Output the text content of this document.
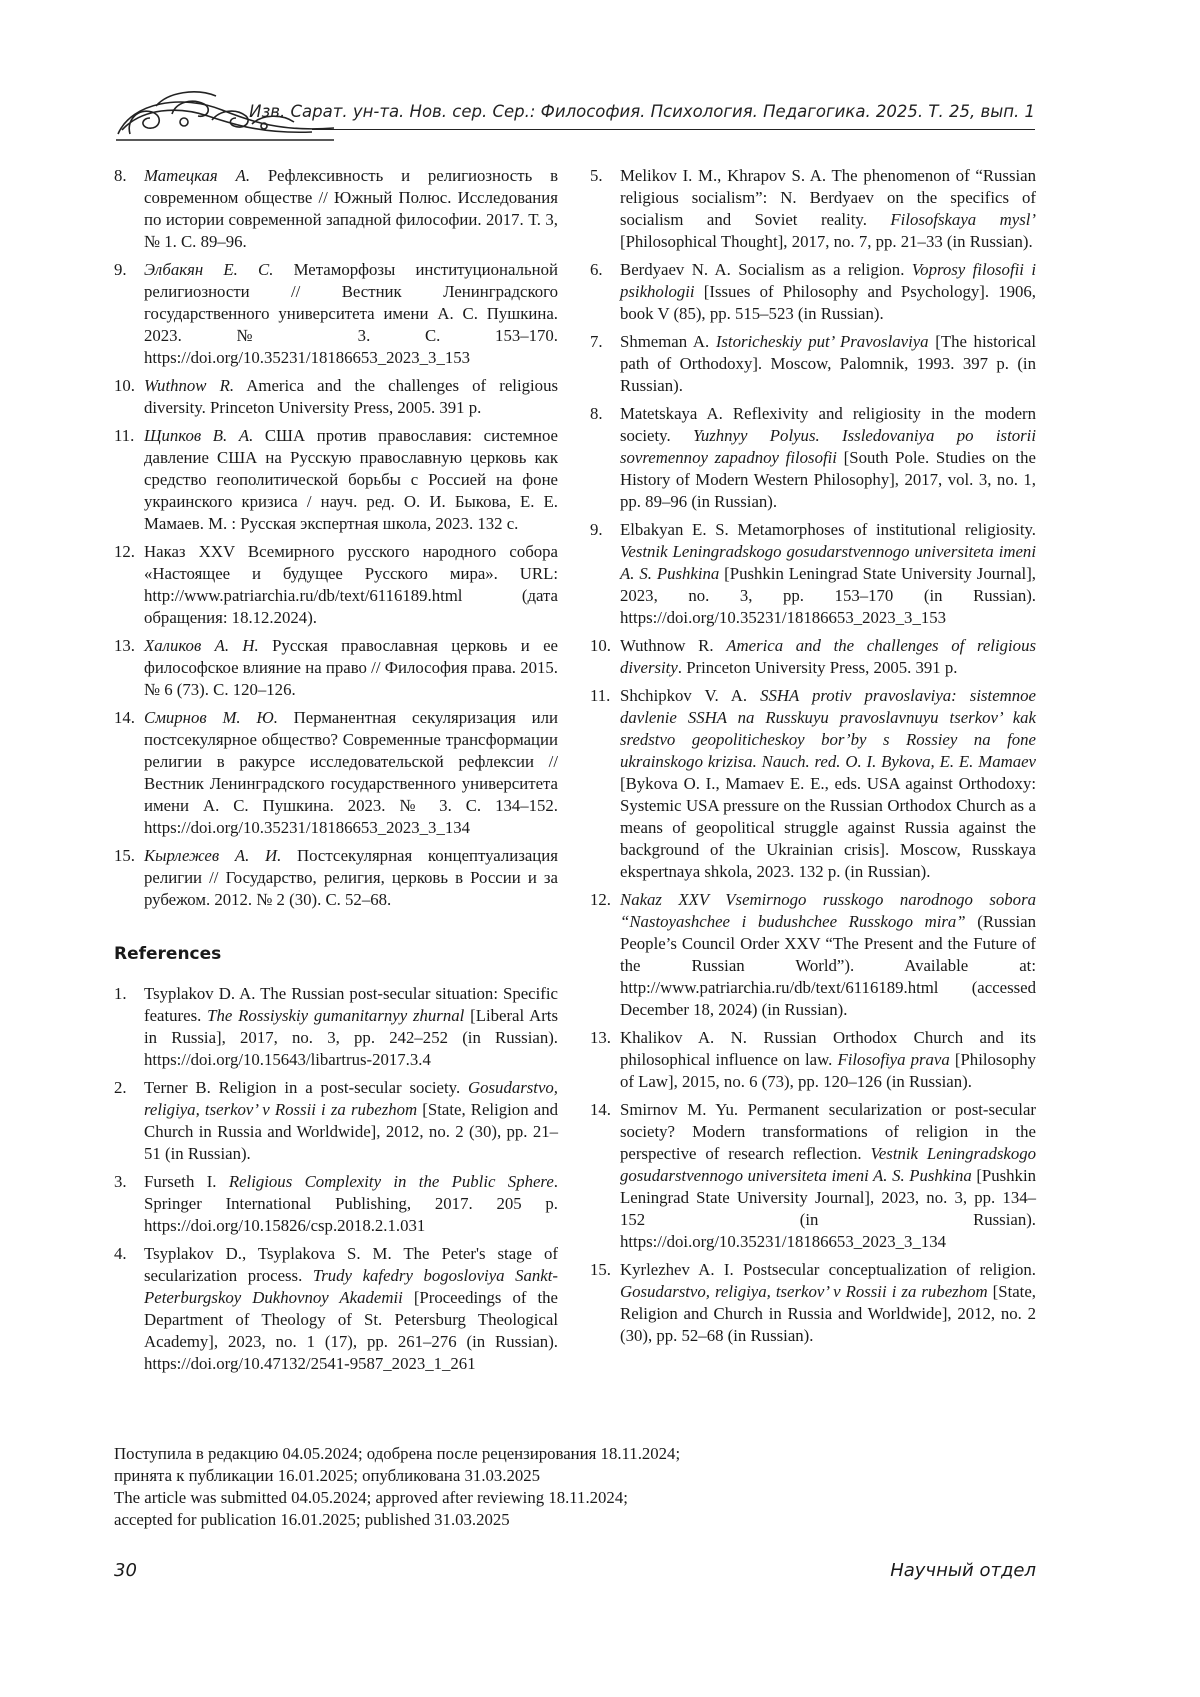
Изв. Сарат. ун-та. Нов. сер. Сер.: Философия. Психология. Педагогика. 2025. Т. 25, вып. 1
8. Матецкая А. Рефлексивность и религиозность в современном обществе // Южный Полюс. Исследования по истории современной западной философии. 2017. Т. 3, № 1. С. 89–96.
9. Элбакян Е. С. Метаморфозы институциональной религиозности // Вестник Ленинградского государственного университета имени А. С. Пушкина. 2023. № 3. С. 153–170. https://doi.org/10.35231/18186653_2023_3_153
10. Wuthnow R. America and the challenges of religious diversity. Princeton University Press, 2005. 391 p.
11. Щипков В. А. США против православия: системное давление США на Русскую православную церковь как средство геополитической борьбы с Россией на фоне украинского кризиса / науч. ред. О. И. Быкова, Е. Е. Мамаев. М. : Русская экспертная школа, 2023. 132 с.
12. Наказ XXV Всемирного русского народного собора «Настоящее и будущее Русского мира». URL: http://www.patriarchia.ru/db/text/6116189.html (дата обращения: 18.12.2024).
13. Халиков А. Н. Русская православная церковь и ее философское влияние на право // Философия права. 2015. № 6 (73). С. 120–126.
14. Смирнов М. Ю. Перманентная секуляризация или постсекулярное общество? Современные трансформации религии в ракурсе исследовательской рефлексии // Вестник Ленинградского государственного университета имени А. С. Пушкина. 2023. № 3. С. 134–152. https://doi.org/10.35231/18186653_2023_3_134
15. Кырлежев А. И. Постсекулярная концептуализация религии // Государство, религия, церковь в России и за рубежом. 2012. № 2 (30). С. 52–68.
References
1. Tsyplakov D. A. The Russian post-secular situation: Specific features. The Rossiyskiy gumanitarnyy zhurnal [Liberal Arts in Russia], 2017, no. 3, pp. 242–252 (in Russian). https://doi.org/10.15643/libartrus-2017.3.4
2. Terner B. Religion in a post-secular society. Gosudarstvo, religiya, tserkov’ v Rossii i za rubezhom [State, Religion and Church in Russia and Worldwide], 2012, no. 2 (30), pp. 21–51 (in Russian).
3. Furseth I. Religious Complexity in the Public Sphere. Springer International Publishing, 2017. 205 p. https://doi.org/10.15826/csp.2018.2.1.031
4. Tsyplakov D., Tsyplakova S. M. The Peter's stage of secularization process. Trudy kafedry bogosloviya Sankt-Peterburgskoy Dukhovnoy Akademii [Proceedings of the Department of Theology of St. Petersburg Theological Academy], 2023, no. 1 (17), pp. 261–276 (in Russian). https://doi.org/10.47132/2541-9587_2023_1_261
5. Melikov I. M., Khrapov S. A. The phenomenon of “Russian religious socialism”: N. Berdyaev on the specifics of socialism and Soviet reality. Filosofskaya mysl’ [Philosophical Thought], 2017, no. 7, pp. 21–33 (in Russian).
6. Berdyaev N. A. Socialism as a religion. Voprosy filosofii i psikhologii [Issues of Philosophy and Psychology]. 1906, book V (85), pp. 515–523 (in Russian).
7. Shmeman A. Istoricheskiy put’ Pravoslaviya [The historical path of Orthodoxy]. Moscow, Palomnik, 1993. 397 p. (in Russian).
8. Matetskaya A. Reflexivity and religiosity in the modern society. Yuzhnyy Polyus. Issledovaniya po istorii sovremennoy zapadnoy filosofii [South Pole. Studies on the History of Modern Western Philosophy], 2017, vol. 3, no. 1, pp. 89–96 (in Russian).
9. Elbakyan E. S. Metamorphoses of institutional religiosity. Vestnik Leningradskogo gosudarstvennogo universiteta imeni A. S. Pushkina [Pushkin Leningrad State University Journal], 2023, no. 3, pp. 153–170 (in Russian). https://doi.org/10.35231/18186653_2023_3_153
10. Wuthnow R. America and the challenges of religious diversity. Princeton University Press, 2005. 391 p.
11. Shchipkov V. A. SSHA protiv pravoslaviya: sistemnoe davlenie SSHA na Russkuyu pravoslavnuyu tserkov’ kak sredstvo geopoliticheskoy bor’by s Rossiey na fone ukrainskogo krizisa. Nauch. red. O. I. Bykova, E. E. Mamaev [Bykova O. I., Mamaev E. E., eds. USA against Orthodoxy: Systemic USA pressure on the Russian Orthodox Church as a means of geopolitical struggle against Russia against the background of the Ukrainian crisis]. Moscow, Russkaya ekspertnaya shkola, 2023. 132 p. (in Russian).
12. Nakaz XXV Vsemirnogo russkogo narodnogo sobora “Nastoyashchee i budushchee Russkogo mira” (Russian People’s Council Order XXV “The Present and the Future of the Russian World”). Available at: http://www.patriarchia.ru/db/text/6116189.html (accessed December 18, 2024) (in Russian).
13. Khalikov A. N. Russian Orthodox Church and its philosophical influence on law. Filosofiya prava [Philosophy of Law], 2015, no. 6 (73), pp. 120–126 (in Russian).
14. Smirnov M. Yu. Permanent secularization or post-secular society? Modern transformations of religion in the perspective of research reflection. Vestnik Leningradskogo gosudarstvennogo universiteta imeni A. S. Pushkina [Pushkin Leningrad State University Journal], 2023, no. 3, pp. 134–152 (in Russian). https://doi.org/10.35231/18186653_2023_3_134
15. Kyrlezhev A. I. Postsecular conceptualization of religion. Gosudarstvo, religiya, tserkov’ v Rossii i za rubezhom [State, Religion and Church in Russia and Worldwide], 2012, no. 2 (30), pp. 52–68 (in Russian).
Поступила в редакцию 04.05.2024; одобрена после рецензирования 18.11.2024;
принята к публикации 16.01.2025; опубликована 31.03.2025
The article was submitted 04.05.2024; approved after reviewing 18.11.2024;
accepted for publication 16.01.2025; published 31.03.2025
30	Научный отдел
